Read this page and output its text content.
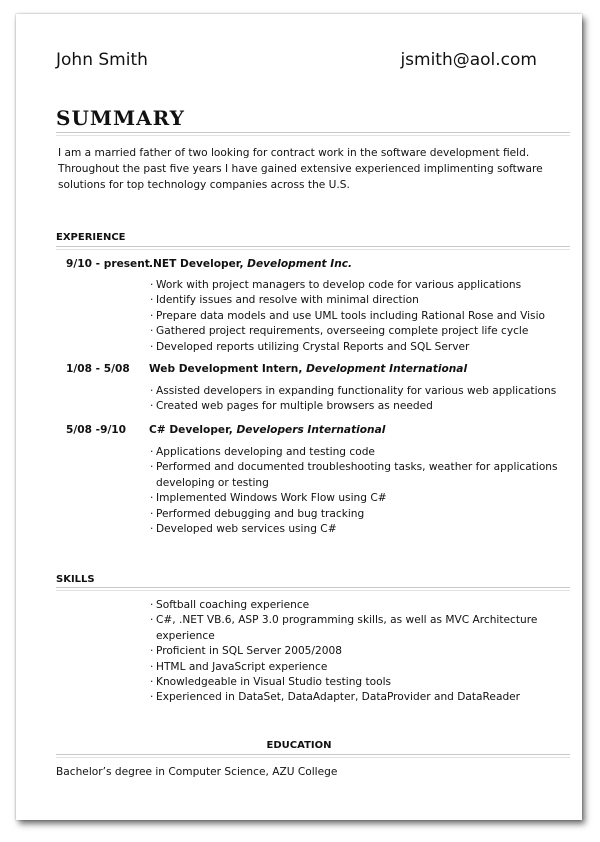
John Smith	jsmith@aol.com
SUMMARY
I am a married father of two looking for contract work in the software development field. Throughout the past five years I have gained extensive experienced implimenting software solutions for top technology companies across the U.S.
EXPERIENCE
9/10 - present .NET Developer, Development Inc.
· Work with project managers to develop code for various applications
· Identify issues and resolve with minimal direction
· Prepare data models and use UML tools including Rational Rose and Visio
· Gathered project requirements, overseeing complete project life cycle
· Developed reports utilizing Crystal Reports and SQL Server
1/08 - 5/08	Web Development Intern, Development International
· Assisted developers in expanding functionality for various web applications
· Created web pages for multiple browsers as needed
5/08 -9/10	C# Developer, Developers International
· Applications developing and testing code
· Performed and documented troubleshooting tasks, weather for applications developing or testing
· Implemented Windows Work Flow using C#
· Performed debugging and bug tracking
· Developed web services using C#
SKILLS
· Softball coaching experience
· C#, .NET VB.6, ASP 3.0 programming skills, as well as MVC Architecture experience
· Proficient in SQL Server 2005/2008
· HTML and JavaScript experience
· Knowledgeable in Visual Studio testing tools
· Experienced in DataSet, DataAdapter, DataProvider and DataReader
EDUCATION
Bachelor’s degree in Computer Science, AZU College
